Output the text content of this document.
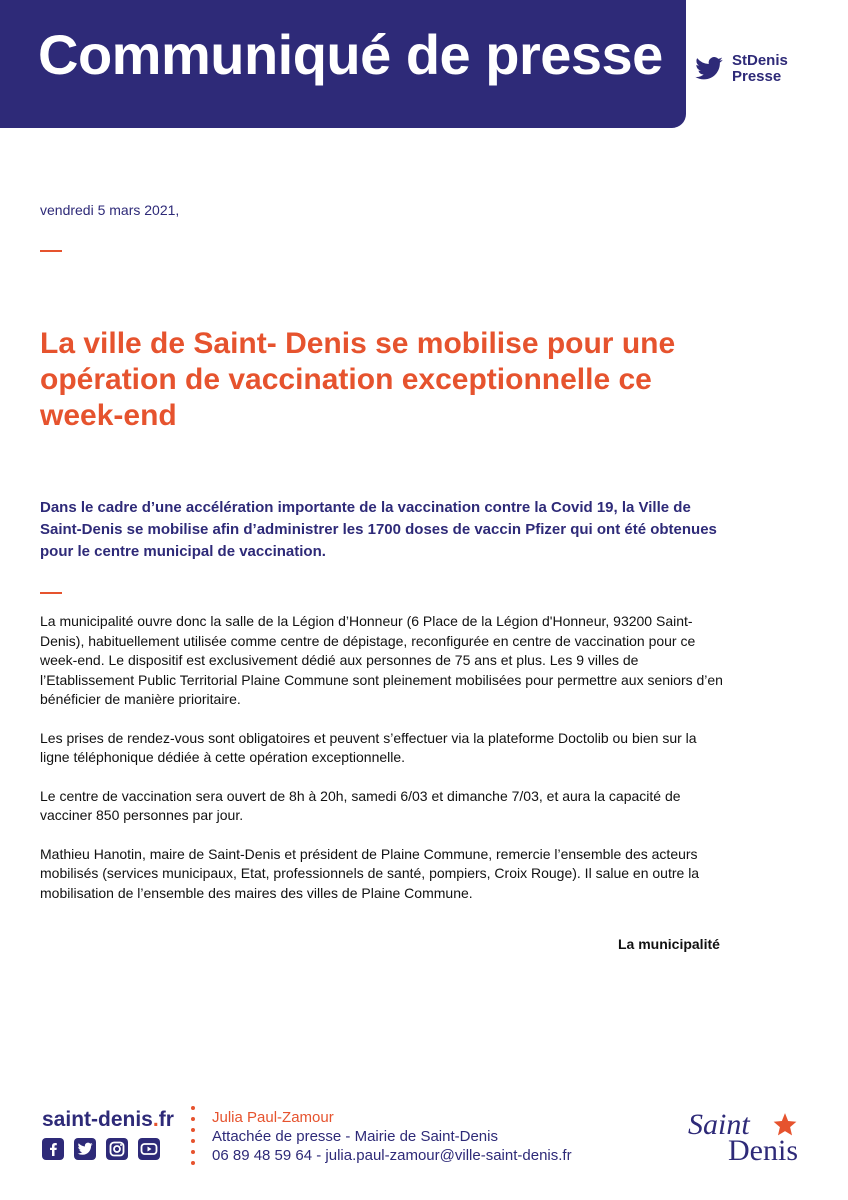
Communiqué de presse	StDenis
Presse
vendredi 5 mars 2021,
La ville de Saint- Denis se mobilise pour une opération de vaccination exceptionnelle ce week-end

Dans le cadre d’une accélération importante de la vaccination contre la Covid 19, la Ville de Saint-Denis se mobilise afin d’administrer les 1700 doses de vaccin Pfizer qui ont été obtenues pour le centre municipal de vaccination.

La municipalité ouvre donc la salle de la Légion d’Honneur (6 Place de la Légion d'Honneur, 93200 Saint-Denis), habituellement utilisée comme centre de dépistage, reconfigurée en centre de vaccination pour ce week-end. Le dispositif est exclusivement dédié aux personnes de 75 ans et plus. Les 9 villes de l’Etablissement Public Territorial Plaine Commune sont pleinement mobilisées pour permettre aux seniors d’en bénéficier de manière prioritaire.

Les prises de rendez-vous sont obligatoires et peuvent s’effectuer via la plateforme Doctolib ou bien sur la ligne téléphonique dédiée à cette opération exceptionnelle.

Le centre de vaccination sera ouvert de 8h à 20h, samedi 6/03 et dimanche 7/03, et aura la capacité de vacciner 850 personnes par jour.

Mathieu Hanotin, maire de Saint-Denis et président de Plaine Commune, remercie l’ensemble des acteurs mobilisés (services municipaux, Etat, professionnels de santé, pompiers, Croix Rouge). Il salue en outre la mobilisation de l’ensemble des maires des villes de Plaine Commune.

La municipalité
saint-denis.fr	Julia Paul-Zamour
Attachée de presse - Mairie de Saint-Denis
06 89 48 59 64 - julia.paul-zamour@ville-saint-denis.fr
Saint
Denis
